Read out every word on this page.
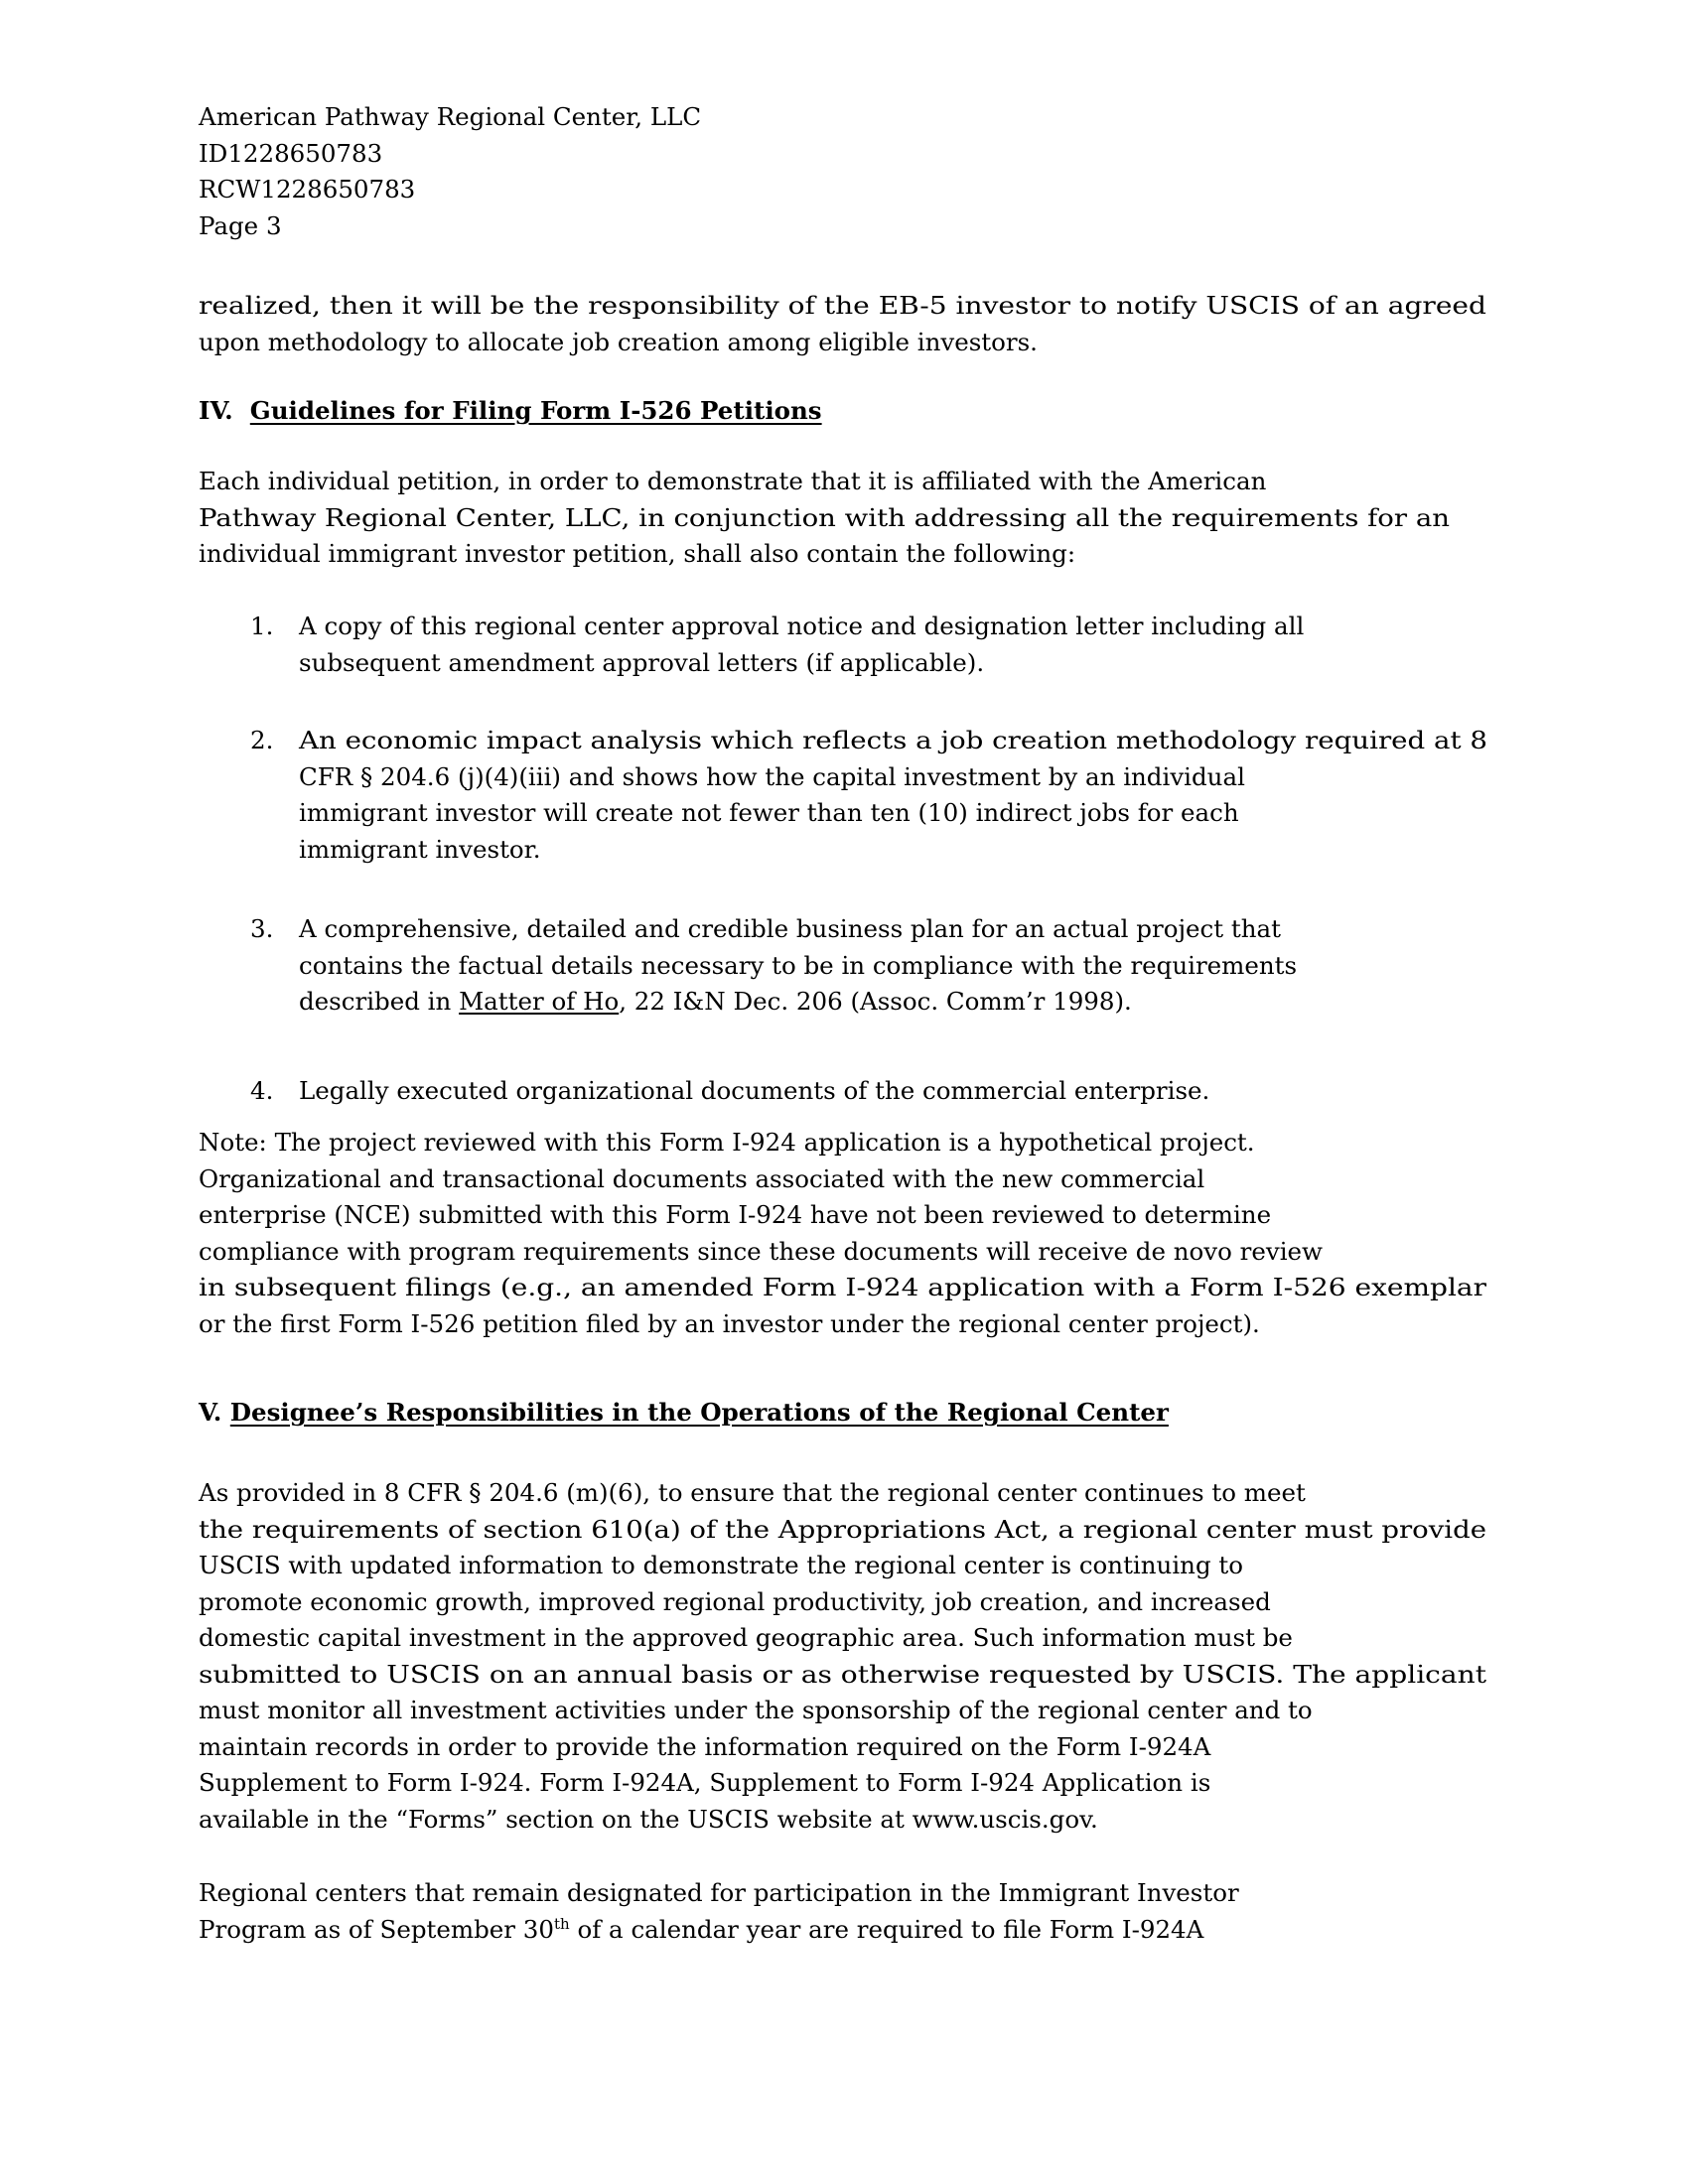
American Pathway Regional Center, LLC
ID1228650783
RCW1228650783
Page 3
realized, then it will be the responsibility of the EB-5 investor to notify USCIS of an agreed
upon methodology to allocate job creation among eligible investors.
IV. Guidelines for Filing Form I-526 Petitions
Each individual petition, in order to demonstrate that it is affiliated with the American
Pathway Regional Center, LLC, in conjunction with addressing all the requirements for an
individual immigrant investor petition, shall also contain the following:
1. A copy of this regional center approval notice and designation letter including all
subsequent amendment approval letters (if applicable).
2. An economic impact analysis which reflects a job creation methodology required at 8
CFR § 204.6 (j)(4)(iii) and shows how the capital investment by an individual
immigrant investor will create not fewer than ten (10) indirect jobs for each
immigrant investor.
3. A comprehensive, detailed and credible business plan for an actual project that
contains the factual details necessary to be in compliance with the requirements
described in Matter of Ho, 22 I&N Dec. 206 (Assoc. Comm’r 1998).
4. Legally executed organizational documents of the commercial enterprise.
Note: The project reviewed with this Form I-924 application is a hypothetical project.
Organizational and transactional documents associated with the new commercial
enterprise (NCE) submitted with this Form I-924 have not been reviewed to determine
compliance with program requirements since these documents will receive de novo review
in subsequent filings (e.g., an amended Form I-924 application with a Form I-526 exemplar
or the first Form I-526 petition filed by an investor under the regional center project).
V. Designee’s Responsibilities in the Operations of the Regional Center
As provided in 8 CFR § 204.6 (m)(6), to ensure that the regional center continues to meet
the requirements of section 610(a) of the Appropriations Act, a regional center must provide
USCIS with updated information to demonstrate the regional center is continuing to
promote economic growth, improved regional productivity, job creation, and increased
domestic capital investment in the approved geographic area. Such information must be
submitted to USCIS on an annual basis or as otherwise requested by USCIS. The applicant
must monitor all investment activities under the sponsorship of the regional center and to
maintain records in order to provide the information required on the Form I-924A
Supplement to Form I-924. Form I-924A, Supplement to Form I-924 Application is
available in the “Forms” section on the USCIS website at www.uscis.gov.
Regional centers that remain designated for participation in the Immigrant Investor
Program as of September 30th of a calendar year are required to file Form I-924A
